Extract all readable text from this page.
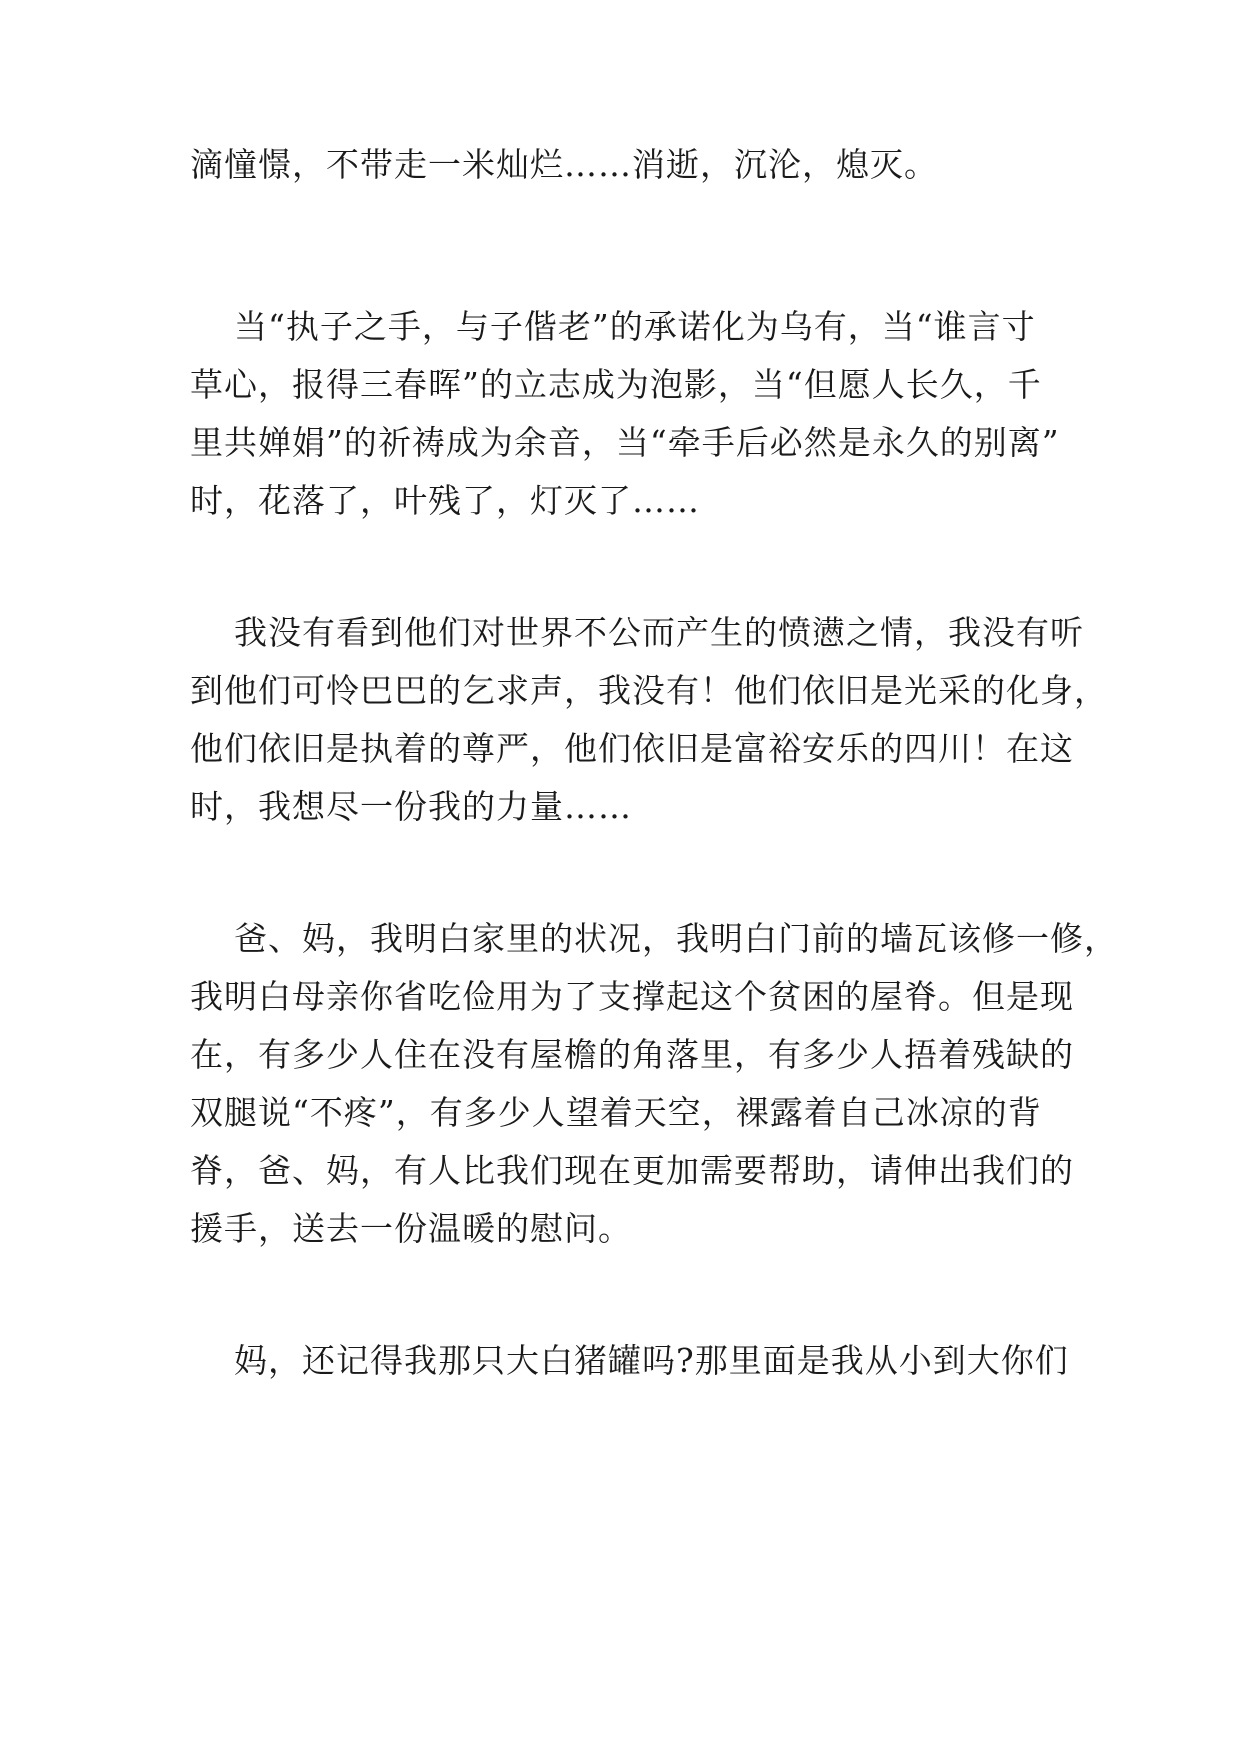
滴憧憬，不带走一米灿烂……消逝，沉沦，熄灭。
当“执子之手，与子偕老”的承诺化为乌有，当“谁言寸
草心，报得三春晖”的立志成为泡影，当“但愿人长久，千
里共婵娟”的祈祷成为余音，当“牵手后必然是永久的别离”
时，花落了，叶残了，灯灭了……
我没有看到他们对世界不公而产生的愤懑之情，我没有听
到他们可怜巴巴的乞求声，我没有！他们依旧是光采的化身，
他们依旧是执着的尊严，他们依旧是富裕安乐的四川！在这
时，我想尽一份我的力量……
爸、妈，我明白家里的状况，我明白门前的墙瓦该修一修，
我明白母亲你省吃俭用为了支撑起这个贫困的屋脊。但是现
在，有多少人住在没有屋檐的角落里，有多少人捂着残缺的
双腿说“不疼”，有多少人望着天空，裸露着自己冰凉的背
脊，爸、妈，有人比我们现在更加需要帮助，请伸出我们的
援手，送去一份温暖的慰问。
妈，还记得我那只大白猪罐吗?那里面是我从小到大你们
